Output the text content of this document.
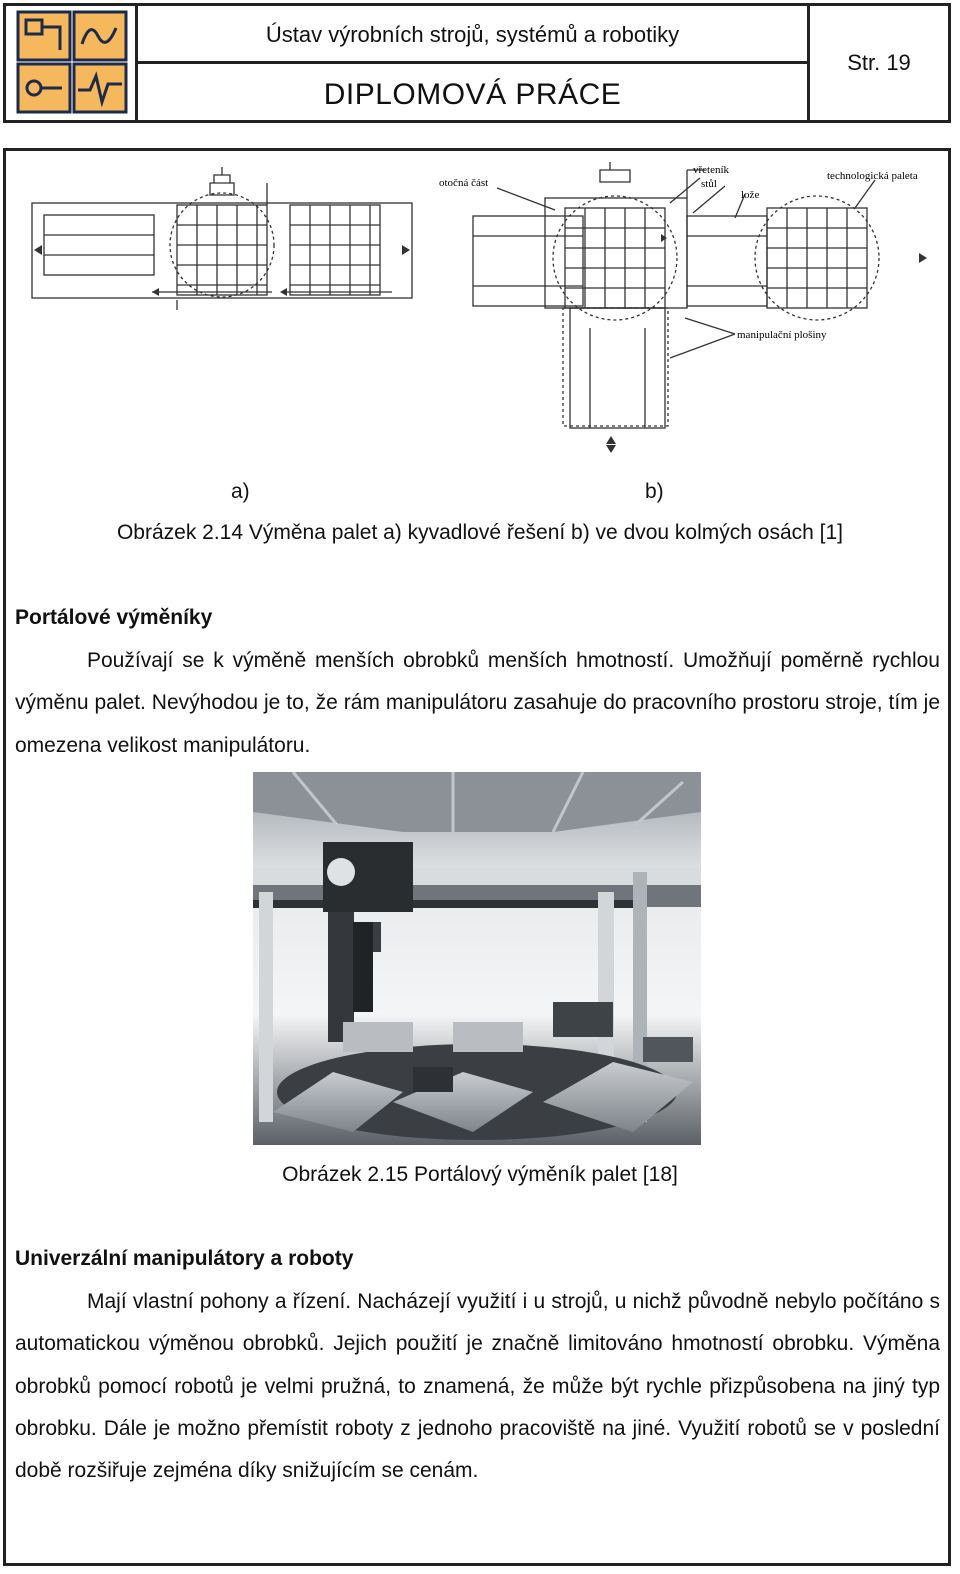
Ústav výrobních strojů, systémů a robotiky
DIPLOMOVÁ PRÁCE
Str. 19
otočná část
vřeteník
stůl
lože
technologická paleta
manipulační plošiny
a)	b)
Obrázek 2.14 Výměna palet a) kyvadlové řešení b) ve dvou kolmých osách [1]
Portálové výměníky

Používají se k výměně menších obrobků menších hmotností. Umožňují poměrně rychlou výměnu palet. Nevýhodou je to, že rám manipulátoru zasahuje do pracovního prostoru stroje, tím je omezena velikost manipulátoru.

Obrázek 2.15 Portálový výměník palet [18]
Univerzální manipulátory a roboty

Mají vlastní pohony a řízení. Nacházejí využití i u strojů, u nichž původně nebylo počítáno s automatickou výměnou obrobků. Jejich použití je značně limitováno hmotností obrobku. Výměna obrobků pomocí robotů je velmi pružná, to znamená, že může být rychle přizpůsobena na jiný typ obrobku. Dále je možno přemístit roboty z jednoho pracoviště na jiné. Využití robotů se v poslední době rozšiřuje zejména díky snižujícím se cenám.
